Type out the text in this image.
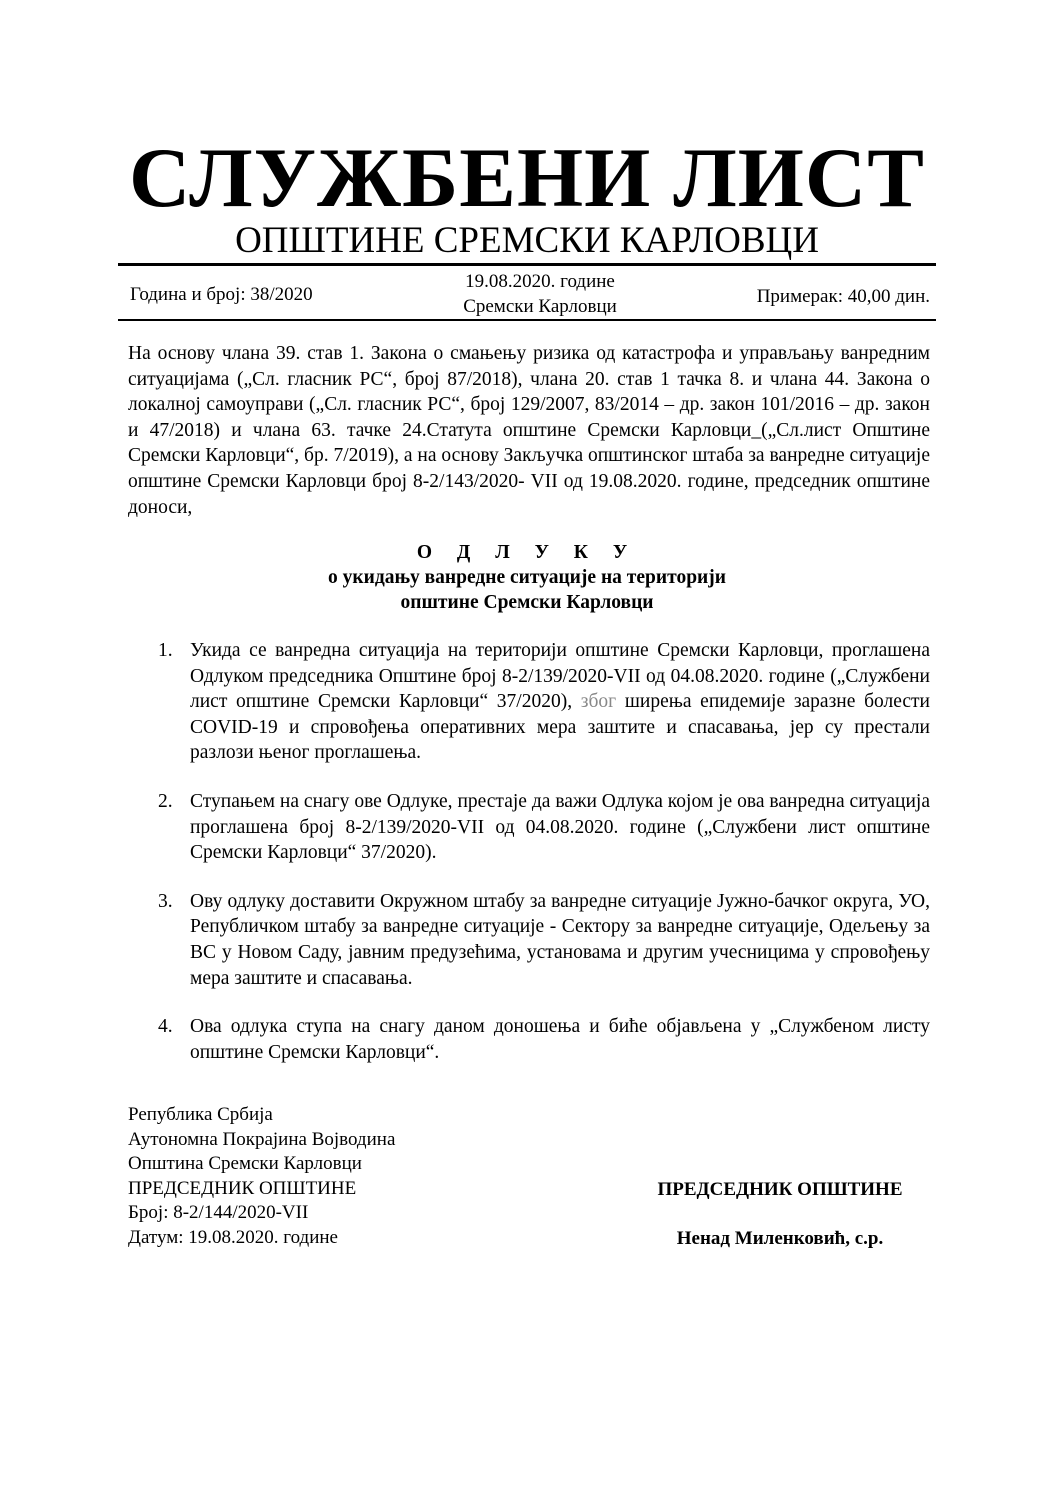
СЛУЖБЕНИ ЛИСТ
ОПШТИНЕ СРЕМСКИ КАРЛОВЦИ
Година и број: 38/2020
19.08.2020. године
Сремски Карловци	Примерак: 40,00 дин.
На основу члана 39. став 1. Закона о смањењу ризика од катастрофа и управљању ванредним ситуацијама („Сл. гласник РС“, број 87/2018), члана 20. став 1 тачка 8. и члана 44. Закона о локалној самоуправи („Сл. гласник РС“, број 129/2007, 83/2014 – др. закон 101/2016 – др. закон и 47/2018) и члана 63. тачке 24.Статута општине Сремски Карловци_(„Сл.лист Општине Сремски Карловци“, бр. 7/2019), а на основу Закључка општинског штаба за ванредне ситуације општине Сремски Карловци број 8-2/143/2020- VII од 19.08.2020. године, председник општине доноси,
О Д Л У К У
о укидању ванредне ситуације на територији
општине Сремски Карловци
1. Укида се ванредна ситуација на територији општине Сремски Карловци, проглашена Одлуком председника Општине број 8-2/139/2020-VII од 04.08.2020. године („Службени лист општине Сремски Карловци“ 37/2020), због ширења епидемије заразне болести COVID-19 и спровођења оперативних мера заштите и спасавања, јер су престали разлози њеног проглашења.
2. Ступањем на снагу ове Одлуке, престаје да важи Одлука којом је ова ванредна ситуација проглашена број 8-2/139/2020-VII од 04.08.2020. године („Службени лист општине Сремски Карловци“ 37/2020).
3. Ову одлуку доставити Окружном штабу за ванредне ситуације Јужно-бачког округа, УО, Републичком штабу за ванредне ситуације - Сектору за ванредне ситуације, Одељењу за ВС у Новом Саду, јавним предузећима, установама и другим учесницима у спровођењу мера заштите и спасавања.
4. Ова одлука ступа на снагу даном доношења и биће објављена у „Службеном листу општине Сремски Карловци“.
Република Србија
Аутономна Покрајина Војводина
Општина Сремски Карловци
ПРЕДСЕДНИК ОПШТИНЕ
Број: 8-2/144/2020-VII
Датум: 19.08.2020. године
ПРЕДСЕДНИК ОПШТИНЕ
Ненад Миленковић, с.р.
